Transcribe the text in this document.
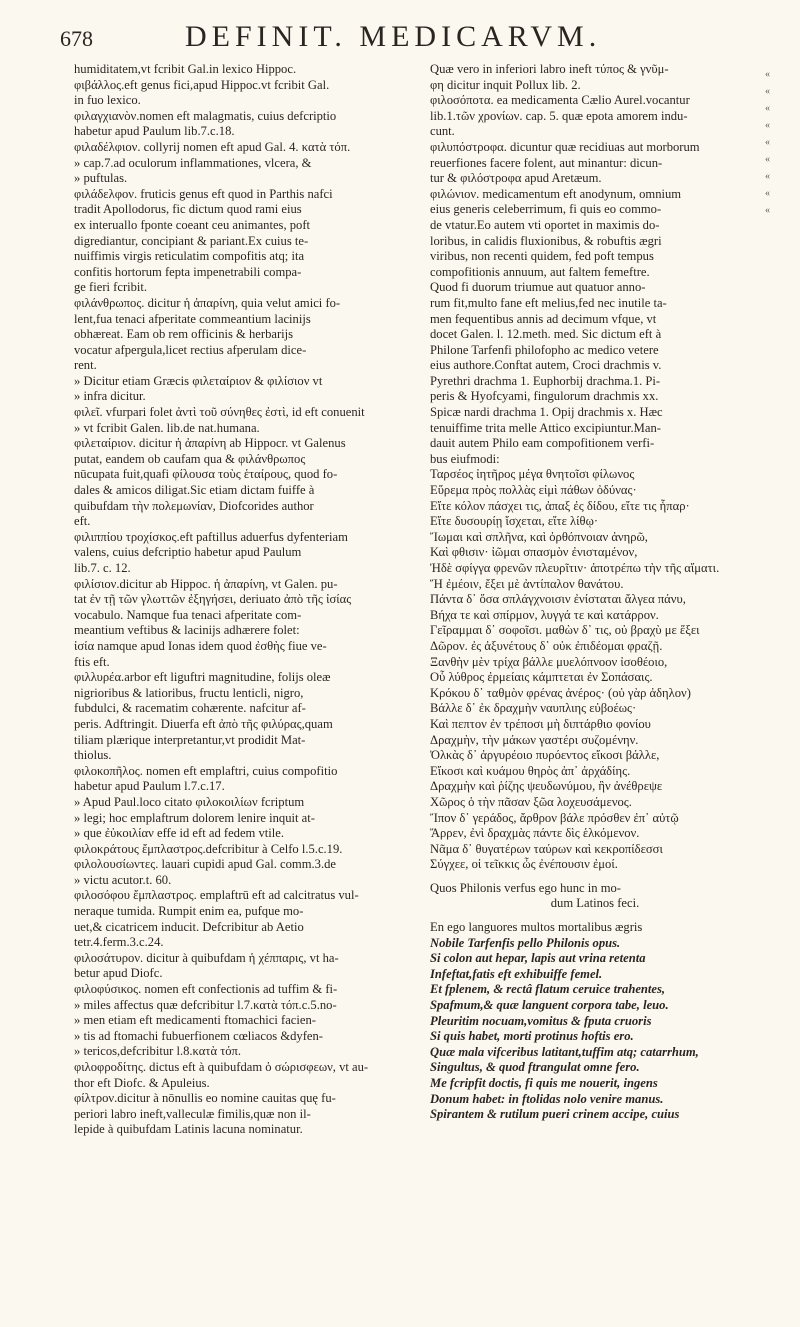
678	DEFINIT. MEDICARVM.

humiditatem,vt fcribit Gal.in lexico Hippoc.

φιβάλλος.eft genus fici,apud Hippoc.vt fcribit Gal.

in fuo lexico.

φιλαγχιανὸν.nomen eft malagmatis, cuius defcriptio

habetur apud Paulum lib.7.c.18.

φιλαδέλφιον. collyrij nomen eft apud Gal. 4. κατὰ τόπ.

» cap.7.ad oculorum inflammationes, vlcera, &

» puftulas.

φιλάδελφον. fruticis genus eft quod in Parthis nafci

tradit Apollodorus, fic dictum quod rami eius

ex interuallo fponte coeant ceu animantes, poft

digrediantur, concipiant & pariant.Ex cuius te-

nuiffimis virgis reticulatim compofitis atq; ita

confitis hortorum fepta impenetrabili compa-

ge fieri fcribit.

φιλάνθρωπος. dicitur ἡ ἀπαρίνη, quia velut amici fo-

lent,fua tenaci afperitate commeantium lacinijs

obhæreat. Eam ob rem officinis & herbarijs

vocatur afpergula,licet rectius afperulam dice-

rent.

» Dicitur etiam Græcis φιλεταίριον & φιλίσιον vt

» infra dicitur.

φιλεῖ. vfurpari folet ἀντὶ τοῦ σύνηθες ἐστὶ, id eft conuenit

» vt fcribit Galen. lib.de nat.humana.

φιλεταίριον. dicitur ἡ ἀπαρίνη ab Hippocr. vt Galenus

putat, eandem ob caufam qua & φιλάνθρωπος

nūcupata fuit,quafi φίλουσα τοὺς ἑταίρους, quod fo-

dales & amicos diligat.Sic etiam dictam fuiffe à

quibufdam τὴν πολεμωνίαν, Diofcorides author

eft.

φιλιππίου τροχίσκος.eft paftillus aduerfus dyfenteriam

valens, cuius defcriptio habetur apud Paulum

lib.7. c. 12.

φιλίσιον.dicitur ab Hippoc. ἡ ἀπαρίνη, vt Galen. pu-

tat ἐν τῇ τῶν γλωττῶν ἐξηγήσει, deriuato ἀπὸ τῆς ἰσίας

vocabulo. Namque fua tenaci afperitate com-

meantium veftibus & lacinijs adhærere folet:

ἰσία namque apud Ionas idem quod ἐσθὴς fiue ve-

ftis eft.

φιλλυρέα.arbor eft liguftri magnitudine, folijs oleæ

nigrioribus & latioribus, fructu lenticli, nigro,

fubdulci, & racematim cohærente. nafcitur af-

peris. Adftringit. Diuerfa eft ἀπὸ τῆς φιλύρας,quam

tiliam plærique interpretantur,vt prodidit Mat-

thiolus.

φιλοκοπῆλος. nomen eft emplaftri, cuius compofitio

habetur apud Paulum l.7.c.17.

» Apud Paul.loco citato φιλοκοιλίων fcriptum

» legi; hoc emplaftrum dolorem lenire inquit at-

» que ἐὐκοιλίαν effe id eft ad fedem vtile.

φιλοκράτους ἔμπλαστρος.defcribitur à Celfo l.5.c.19.

φιλολουσίωντες. lauari cupidi apud Gal. comm.3.de

» victu acutor.t. 60.

φιλοσόφου ἔμπλαστρος. emplaftrū eft ad calcitratus vul-

neraque tumida. Rumpit enim ea, pufque mo-

uet,& cicatricem inducit. Defcribitur ab Aetio

tetr.4.ferm.3.c.24.

φιλοσάτυρον. dicitur à quibufdam ἡ χέππαρις, vt ha-

betur apud Diofc.

φιλοφύσικος. nomen eft confectionis ad tuffim & fi-

» miles affectus quæ defcribitur l.7.κατὰ τόπ.c.5.no-

» men etiam eft medicamenti ftomachici facien-

» tis ad ftomachi fubuerfionem cœliacos &dyfen-

» tericos,defcribitur l.8.κατὰ τόπ.

φιλοφροδίτης. dictus eft à quibufdam ὁ σώρισφεων, vt au-

thor eft Diofc. & Apuleius.

φίλτρον.dicitur à nōnullis eo nomine cauitas quę fu-

periori labro ineft,valleculæ fimilis,quæ non il-

lepide à quibufdam Latinis lacuna nominatur.

Quæ vero in inferiori labro ineft τύπος & γνῦμ-

φη dicitur inquit Pollux lib. 2.

φιλοσόποτα. ea medicamenta Cælio Aurel.vocantur

lib.1.τῶν χρονίων. cap. 5. quæ epota amorem indu-

cunt.

φιλυπόστροφα. dicuntur quæ recidiuas aut morborum

reuerfiones facere folent, aut minantur: dicun-

tur & φιλόστροφα apud Aretæum.

φιλώνιον. medicamentum eft anodynum, omnium

eius generis celeberrimum, fi quis eo commo-

de vtatur.Eo autem vti oportet in maximis do-

loribus, in calidis fluxionibus, & robuftis ægri

viribus, non recenti quidem, fed poft tempus

compofitionis annuum, aut faltem femeftre.

Quod fi duorum triumue aut quatuor anno-

rum fit,multo fane eft melius,fed nec inutile ta-

men fequentibus annis ad decimum vfque, vt

docet Galen. l. 12.meth. med. Sic dictum eft à

Philone Tarfenfi philofopho ac medico vetere

eius authore.Conftat autem, Croci drachmis v.

Pyrethri drachma 1. Euphorbij drachma.1. Pi-

peris & Hyofcyami, fingulorum drachmis xx.

Spicæ nardi drachma 1. Opij drachmis x. Hæc

tenuiffime trita melle Attico excipiuntur.Man-

dauit autem Philo eam compofitionem verfi-

bus eiufmodi:

Ταρσέος ἰητῆρος μέγα θνητοῖσι φίλωνος

Εὕρεμα πρὸς πολλὰς εἰμὶ πάθων ὀδύνας·

Εἴτε κόλον πάσχει τις, ἀπαξ ἐς δίδου, εἴτε τις ἧπαρ·

Εἴτε δυσουρίῃ ἴσχεται, εἴτε λίθῳ·

Ἴωμαι καὶ σπλῆνα, καὶ ὀρθόπνοιαν ἀνηρῶ,

Καὶ φθισιν· ἰῶμαι σπασμὸν ἐνισταμένον,

Ἠδὲ σφίγγα φρενῶν πλευρῖτιν· ἀποτρέπω τὴν τῆς αἵματι.

Ἥ ἐμέοιν, ἔξει μὲ ἀντίπαλον θανάτου.

Πάντα δ᾽ ὅσα σπλάγχνοισιν ἐνίσταται ἄλγεα πάνυ,

Βήχα τε καὶ σπίρμον, λυγγά τε καὶ κατάρρον.

Γεῖραμμαι δ᾽ σοφοῖσι. μαθὼν δ᾽ τις, οὐ βραχὺ με ἕξει

Δῶρον. ἐς ἀξυνέτους δ᾽ οὐκ ἐπιδέομαι φραζῇ.

Ξανθὴν μὲν τρίχα βάλλε μυελόπνοον ἰσοθέοιο,

Οὗ λύθρος ἐρμείαις κάμπτεται ἐν Σοπάσαις.

Κρόκου δ᾽ ταθμὸν φρένας ἀνέρος· (οὐ γὰρ ἀδηλον)

Βάλλε δ᾽ ἐκ δραχμὴν ναυπλιης εὐβοέως·

Καὶ πεπτον ἐν τρέποσι μὴ διπτάρθιο φονίου

Δραχμὴν, τὴν μάκων γαστέρι συζομένην.

Ὀλκὰς δ᾽ ἀργυρέοιο πυρόεντος εἴκοσι βάλλε,

Εἴκοσι καὶ κυάμου θηρὸς ἀπ᾽ ἀρχάδίης.

Δραχμὴν καὶ ῥίζης ψευδωνύμου, ἣν ἀνέθρεψε

Χῶρος ὁ τὴν πᾶσαν ξῶα λοχευσάμενος.

Ἴπον δ᾽ γεράδος, ἄρθρον βάλε πρόσθεν ἐπ᾽ αὐτῷ

Ἄρρεν, ἐνὶ δραχμὰς πάντε δὶς ἑλκόμενον.

Νᾶμα δ᾽ θυγατέρων ταύρων καὶ κεκροπίδεσσι

Σύγχεε, οἱ τεῖκκις ὦς ἐνέπουσιν ἐμοί.

Quos Philonis verfus ego hunc in mo-

dum Latinos feci.

En ego languores multos mortalibus ægris

Nobile Tarfenfis pello Philonis opus.

Si colon aut hepar, lapis aut vrina retenta

Infeftat,fatis eft exhibuiffe femel.

Et fplenem, & rectâ flatum ceruice trahentes,

Spafmum,& quæ languent corpora tabe, leuo.

Pleuritim nocuam,vomitus & fputa cruoris

Si quis habet, morti protinus hoftis ero.

Quæ mala vifceribus latitant,tuffim atq; catarrhum,

Singultus, & quod ftrangulat omne fero.

Me fcripfit doctis, fi quis me nouerit, ingens

Donum habet: in ftolidas nolo venire manus.

Spirantem & rutilum pueri crinem accipe, cuius

«
«
«
«
«
«
«
«
«
